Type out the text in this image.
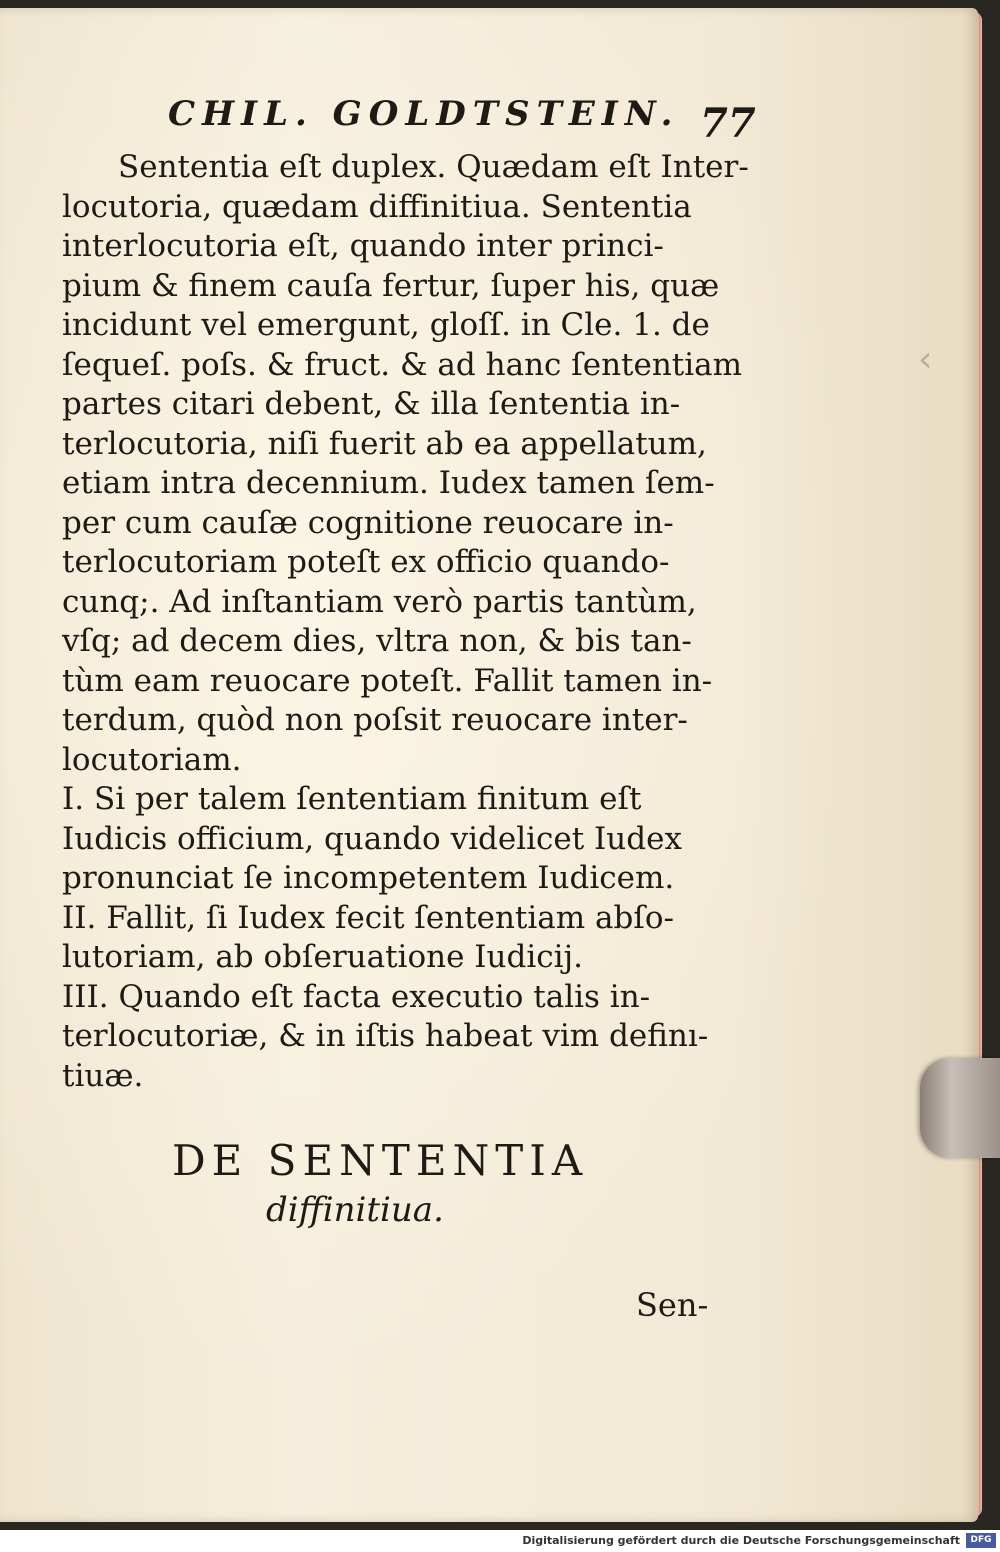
CHIL. GOLDTSTEIN. 77
Sententia eſt duplex. Quædam eſt Inter-
locutoria, quædam diffinitiua. Sententia
interlocutoria eſt, quando inter princi-
pium & finem cauſa fertur, ſuper his, quæ
incidunt vel emergunt, gloſſ. in Cle. 1. de
ſequeſ. poſs. & fruct. & ad hanc ſententiam
partes citari debent, & illa ſententia in-
terlocutoria, niſi fuerit ab ea appellatum,
etiam intra decennium. Iudex tamen ſem-
per cum cauſæ cognitione reuocare in-
terlocutoriam poteſt ex officio quando-
cunq;. Ad inſtantiam verò partis tantùm,
vſq; ad decem dies, vltra non, & bis tan-
tùm eam reuocare poteſt. Fallit tamen in-
terdum, quòd non poſsit reuocare inter-
locutoriam.
I. Si per talem ſententiam finitum eſt
Iudicis officium, quando videlicet Iudex
pronunciat ſe incompetentem Iudicem.
II. Fallit, ſi Iudex fecit ſententiam abſo-
lutoriam, ab obſeruatione Iudicij.
III. Quando eſt facta executio talis in-
terlocutoriæ, & in iſtis habeat vim definı-
tiuæ.
DE SENTENTIA
diffinitiua.
Sen-
‹
Digitalisierung gefördert durch die Deutsche Forschungsgemeinschaft	DFG
